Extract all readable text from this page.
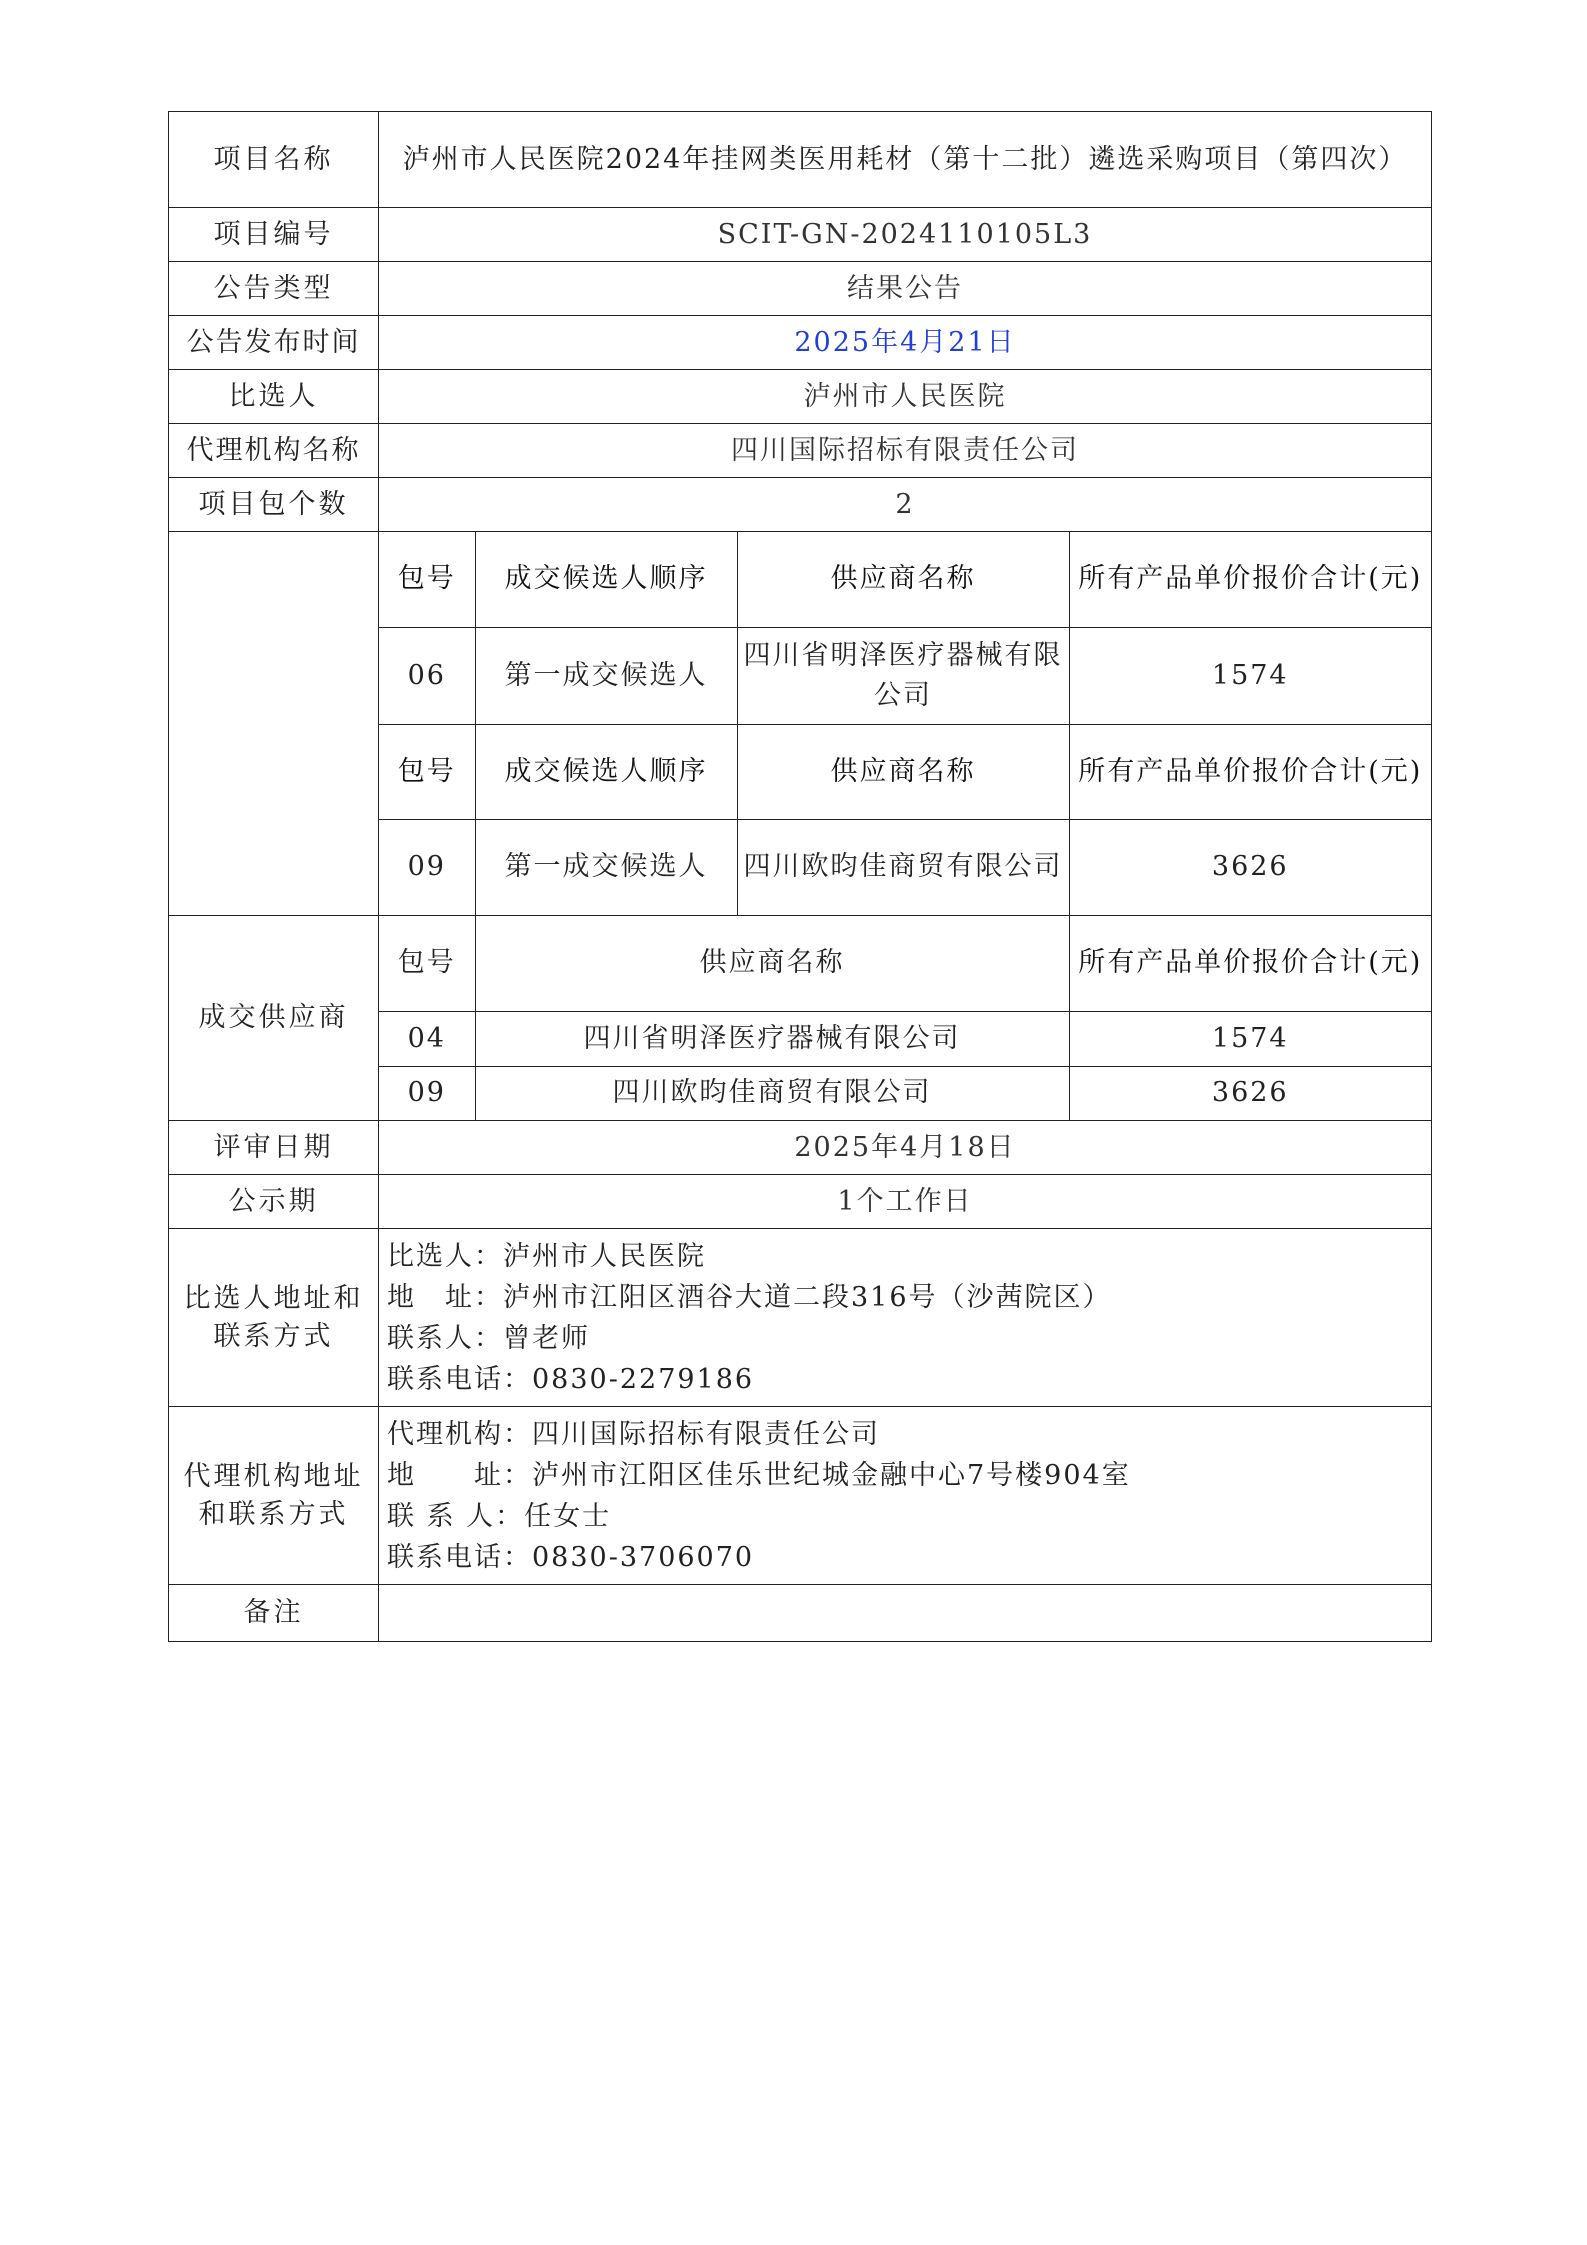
项目名称	泸州市人民医院2024年挂网类医用耗材（第十二批）遴选采购项目（第四次）
项目编号	SCIT-GN-2024110105L3
公告类型	结果公告
公告发布时间	2025年4月21日
比选人	泸州市人民医院
代理机构名称	四川国际招标有限责任公司
项目包个数	2

包号	成交候选人顺序	供应商名称	所有产品单价报价合计(元)
06	第一成交候选人	四川省明泽医疗器械有限公司	1574
包号	成交候选人顺序	供应商名称	所有产品单价报价合计(元)
09	第一成交候选人	四川欧昀佳商贸有限公司	3626

成交供应商	
包号	供应商名称	所有产品单价报价合计(元)
04	四川省明泽医疗器械有限公司	1574
09	四川欧昀佳商贸有限公司	3626

评审日期	2025年4月18日
公示期	1个工作日
比选人地址和联系方式	
比选人：泸州市人民医院
地　址：泸州市江阳区酒谷大道二段316号（沙茜院区）
联系人：曾老师
联系电话：0830-2279186

代理机构地址和联系方式	
代理机构：四川国际招标有限责任公司
地　　址：泸州市江阳区佳乐世纪城金融中心7号楼904室
联 系 人：任女士
联系电话：0830-3706070

备注	
